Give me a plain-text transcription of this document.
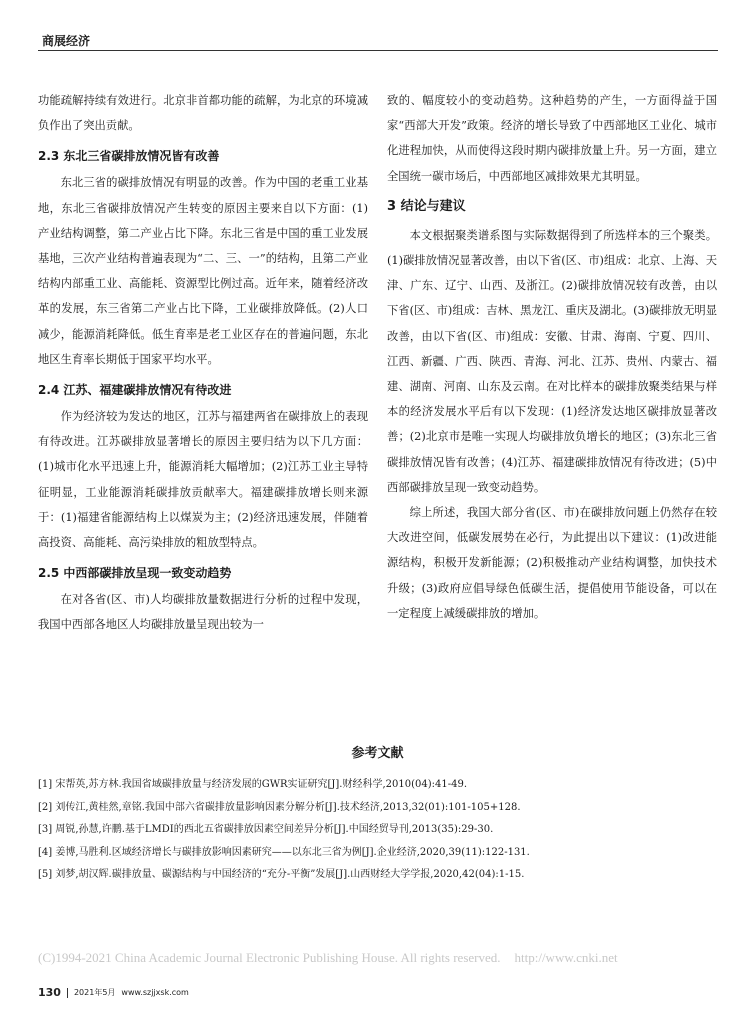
商展经济

功能疏解持续有效进行。北京非首都功能的疏解，为北京的环境减负作出了突出贡献。

2.3 东北三省碳排放情况皆有改善

东北三省的碳排放情况有明显的改善。作为中国的老重工业基地，东北三省碳排放情况产生转变的原因主要来自以下方面：(1)产业结构调整，第二产业占比下降。东北三省是中国的重工业发展基地，三次产业结构普遍表现为“二、三、一”的结构，且第二产业结构内部重工业、高能耗、资源型比例过高。近年来，随着经济改革的发展，东三省第二产业占比下降，工业碳排放降低。(2)人口减少，能源消耗降低。低生育率是老工业区存在的普遍问题，东北地区生育率长期低于国家平均水平。

2.4 江苏、福建碳排放情况有待改进

作为经济较为发达的地区，江苏与福建两省在碳排放上的表现有待改进。江苏碳排放显著增长的原因主要归结为以下几方面：(1)城市化水平迅速上升，能源消耗大幅增加；(2)江苏工业主导特征明显，工业能源消耗碳排放贡献率大。福建碳排放增长则来源于：(1)福建省能源结构上以煤炭为主；(2)经济迅速发展，伴随着高投资、高能耗、高污染排放的粗放型特点。

2.5 中西部碳排放呈现一致变动趋势

在对各省(区、市)人均碳排放量数据进行分析的过程中发现，我国中西部各地区人均碳排放量呈现出较为一

致的、幅度较小的变动趋势。这种趋势的产生，一方面得益于国家“西部大开发”政策。经济的增长导致了中西部地区工业化、城市化进程加快，从而使得这段时期内碳排放量上升。另一方面，建立全国统一碳市场后，中西部地区减排效果尤其明显。

3 结论与建议

本文根据聚类谱系图与实际数据得到了所选样本的三个聚类。(1)碳排放情况显著改善，由以下省(区、市)组成：北京、上海、天津、广东、辽宁、山西、及浙江。(2)碳排放情况较有改善，由以下省(区、市)组成：吉林、黑龙江、重庆及湖北。(3)碳排放无明显改善，由以下省(区、市)组成：安徽、甘肃、海南、宁夏、四川、江西、新疆、广西、陕西、青海、河北、江苏、贵州、内蒙古、福建、湖南、河南、山东及云南。在对比样本的碳排放聚类结果与样本的经济发展水平后有以下发现：(1)经济发达地区碳排放显著改善；(2)北京市是唯一实现人均碳排放负增长的地区；(3)东北三省碳排放情况皆有改善；(4)江苏、福建碳排放情况有待改进；(5)中西部碳排放呈现一致变动趋势。

综上所述，我国大部分省(区、市)在碳排放问题上仍然存在较大改进空间，低碳发展势在必行，为此提出以下建议：(1)改进能源结构，积极开发新能源；(2)积极推动产业结构调整，加快技术升级；(3)政府应倡导绿色低碳生活，提倡使用节能设备，可以在一定程度上减缓碳排放的增加。

参考文献
[1] 宋帮英,苏方林.我国省域碳排放量与经济发展的GWR实证研究[J].财经科学,2010(04):41-49.
[2] 刘传江,黄桂然,章铭.我国中部六省碳排放量影响因素分解分析[J].技术经济,2013,32(01):101-105+128.
[3] 周锐,孙慧,许鹏.基于LMDI的西北五省碳排放因素空间差异分析[J].中国经贸导刊,2013(35):29-30.
[4] 姜博,马胜利.区域经济增长与碳排放影响因素研究——以东北三省为例[J].企业经济,2020,39(11):122-131.
[5] 刘梦,胡汉辉.碳排放量、碳源结构与中国经济的“充分-平衡”发展[J].山西财经大学学报,2020,42(04):1-15.
(C)1994-2021 China Academic Journal Electronic Publishing House. All rights reserved. http://www.cnki.net
130 2021年5月 www.szjjxsk.com
